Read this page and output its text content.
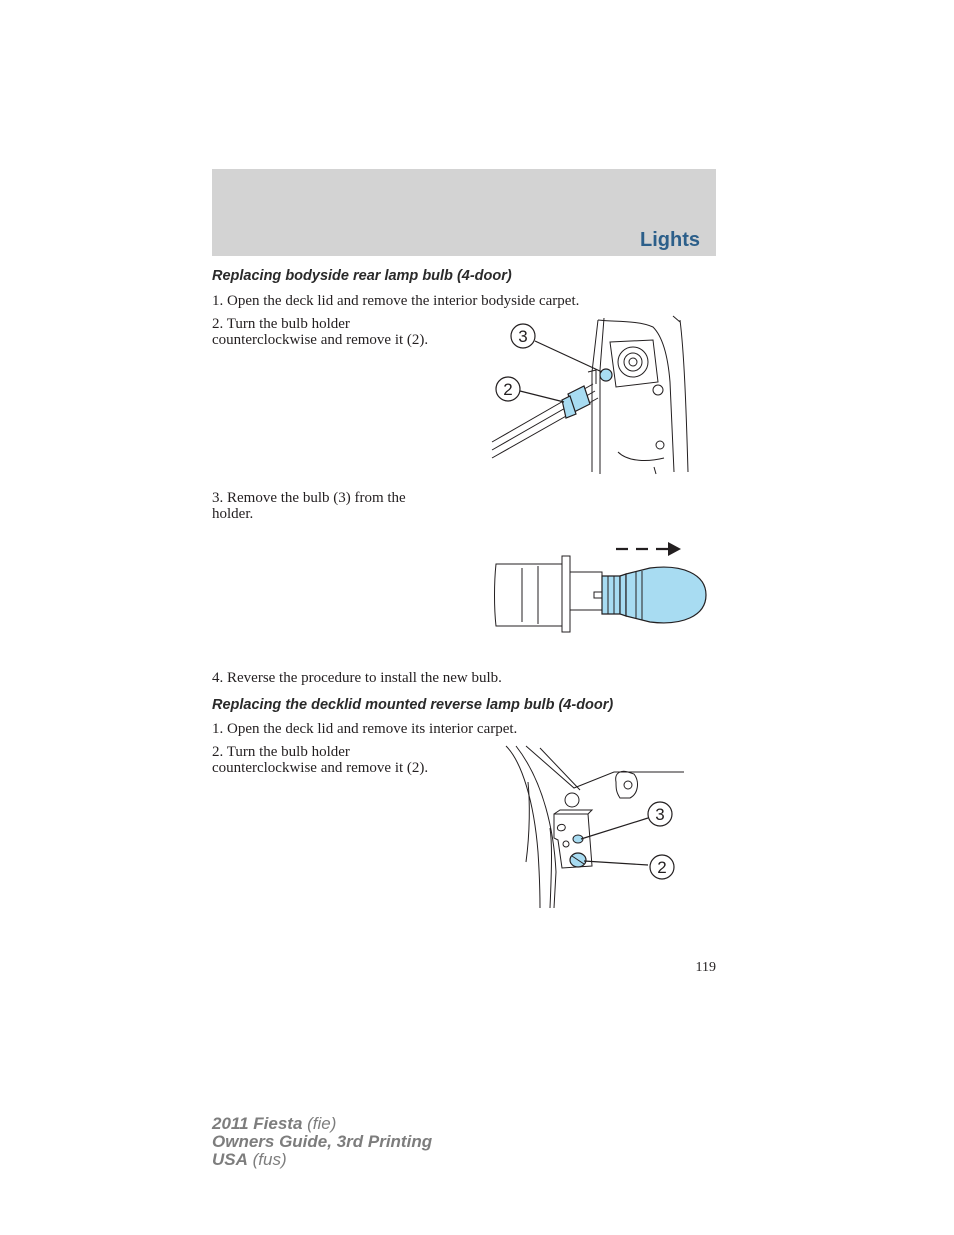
Lights
Replacing bodyside rear lamp bulb (4-door)
1. Open the deck lid and remove the interior bodyside carpet.
2. Turn the bulb holder
counterclockwise and remove it (2).	3
2
3. Remove the bulb (3) from the
holder.
4. Reverse the procedure to install the new bulb.
Replacing the decklid mounted reverse lamp bulb (4-door)
1. Open the deck lid and remove its interior carpet.
2. Turn the bulb holder
counterclockwise and remove it (2).
3
2
119
2011 Fiesta (fie)
Owners Guide, 3rd Printing
USA (fus)
